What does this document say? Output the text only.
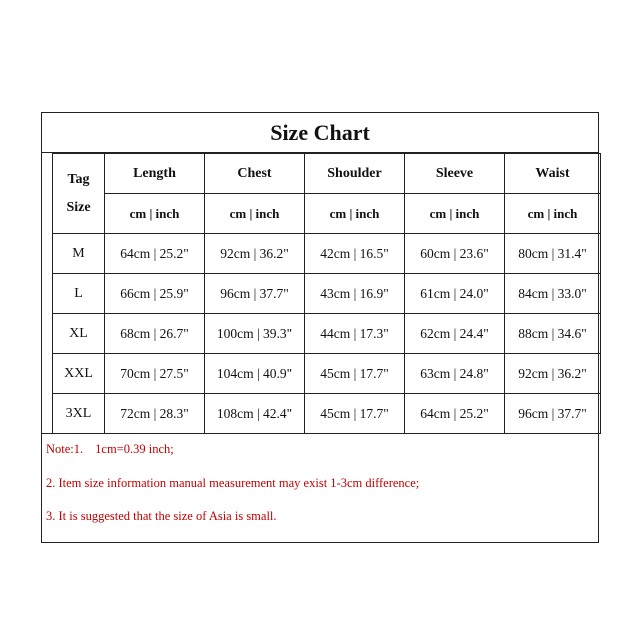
Size Chart
Tag
Size	Length	Chest	Shoulder	Sleeve	Waist
	cm | inch	cm | inch	cm | inch	cm | inch	cm | inch
M	64cm | 25.2"	92cm | 36.2"	42cm | 16.5"	60cm | 23.6"	80cm | 31.4"
L	66cm | 25.9"	96cm | 37.7"	43cm | 16.9"	61cm | 24.0"	84cm | 33.0"
XL	68cm | 26.7"	100cm | 39.3"	44cm | 17.3"	62cm | 24.4"	88cm | 34.6"
XXL	70cm | 27.5"	104cm | 40.9"	45cm | 17.7"	63cm | 24.8"	92cm | 36.2"
3XL	72cm | 28.3"	108cm | 42.4"	45cm | 17.7"	64cm | 25.2"	96cm | 37.7"
Note:1. 1cm=0.39 inch;
2. Item size information manual measurement may exist 1-3cm difference;
3. It is suggested that the size of Asia is small.
